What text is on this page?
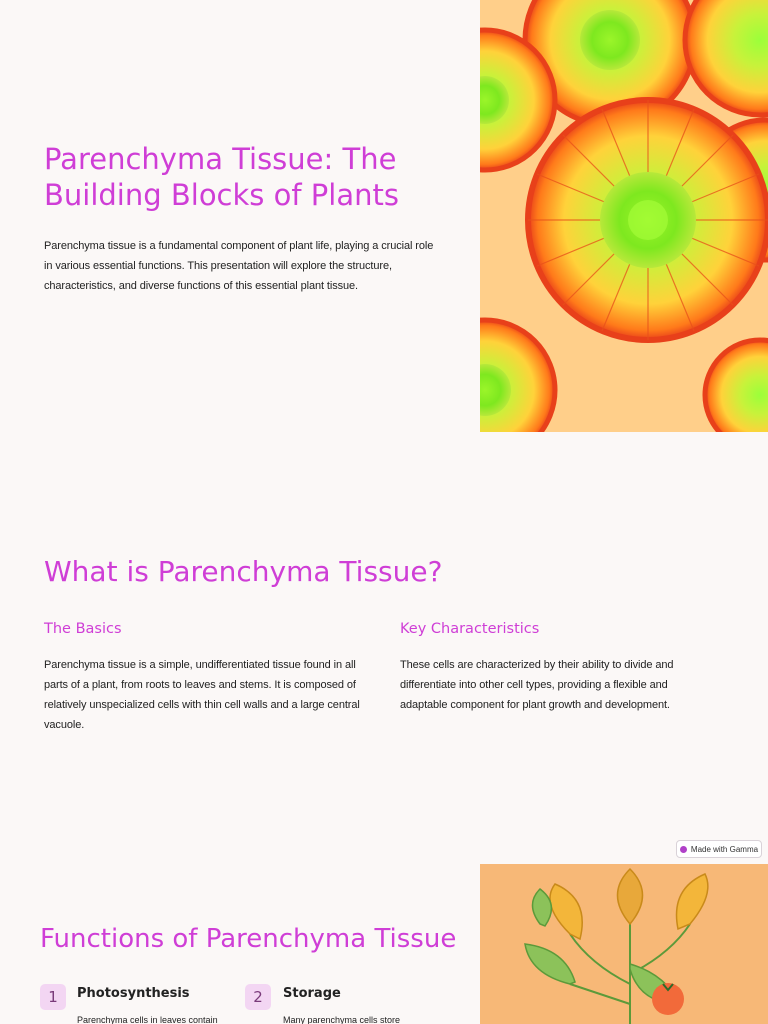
Parenchyma Tissue: The Building Blocks of Plants

Parenchyma tissue is a fundamental component of plant life, playing a crucial role in various essential functions. This presentation will explore the structure, characteristics, and diverse functions of this essential plant tissue.

What is Parenchyma Tissue?
The Basics	Key Characteristics

Parenchyma tissue is a simple, undifferentiated tissue found in all parts of a plant, from roots to leaves and stems. It is composed of relatively unspecialized cells with thin cell walls and a large central vacuole.

These cells are characterized by their ability to divide and differentiate into other cell types, providing a flexible and adaptable component for plant growth and development.

Made with Gamma
Functions of Parenchyma Tissue
1	Photosynthesis

Parenchyma cells in leaves contain

2	Storage

Many parenchyma cells store
